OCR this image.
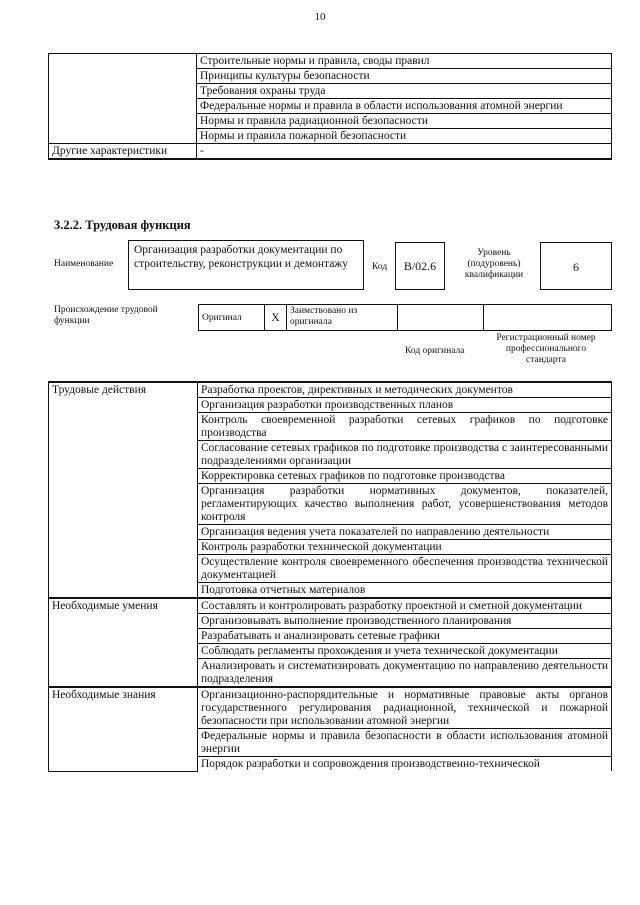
10
	Строительные нормы и правила, своды правил
	Принципы культуры безопасности
	Требования охраны труда
	Федеральные нормы и правила в области использования атомной энергии
	Нормы и правила радиационной безопасности
	Нормы и правила пожарной безопасности
Другие характеристики	-
3.2.2. Трудовая функция
Наименование
Организация разработки документации по строительству, реконструкции и демонтажу	Код	В/02.6
Уровень (подуровень) квалификации
6
Происхождение трудовой функции	Оригинал	X	Заимствовано из оригинала		
Код оригинала
Регистрационный номер профессионального стандарта
Трудовые действия	Разработка проектов, директивных и методических документов
	Организация разработки производственных планов
	Контроль своевременной разработки сетевых графиков по подготовке производства
	Согласование сетевых графиков по подготовке производства с заинтересованными подразделениями организации
	Корректировка сетевых графиков по подготовке производства
	Организация разработки нормативных документов, показателей, регламентирующих качество выполнения работ, усовершенствования методов контроля
	Организация ведения учета показателей по направлению деятельности
	Контроль разработки технической документации
	Осуществление контроля своевременного обеспечения производства технической документацией
	Подготовка отчетных материалов
Необходимые умения	Составлять и контролировать разработку проектной и сметной документации
	Организовывать выполнение производственного планирования
	Разрабатывать и анализировать сетевые графики
	Соблюдать регламенты прохождения и учета технической документации
	Анализировать и систематизировать документацию по направлению деятельности подразделения
Необходимые знания	Организационно-распорядительные и нормативные правовые акты органов государственного регулирования радиационной, технической и пожарной безопасности при использовании атомной энергии
	Федеральные нормы и правила безопасности в области использования атомной энергии
	Порядок разработки и сопровождения производственно-технической
